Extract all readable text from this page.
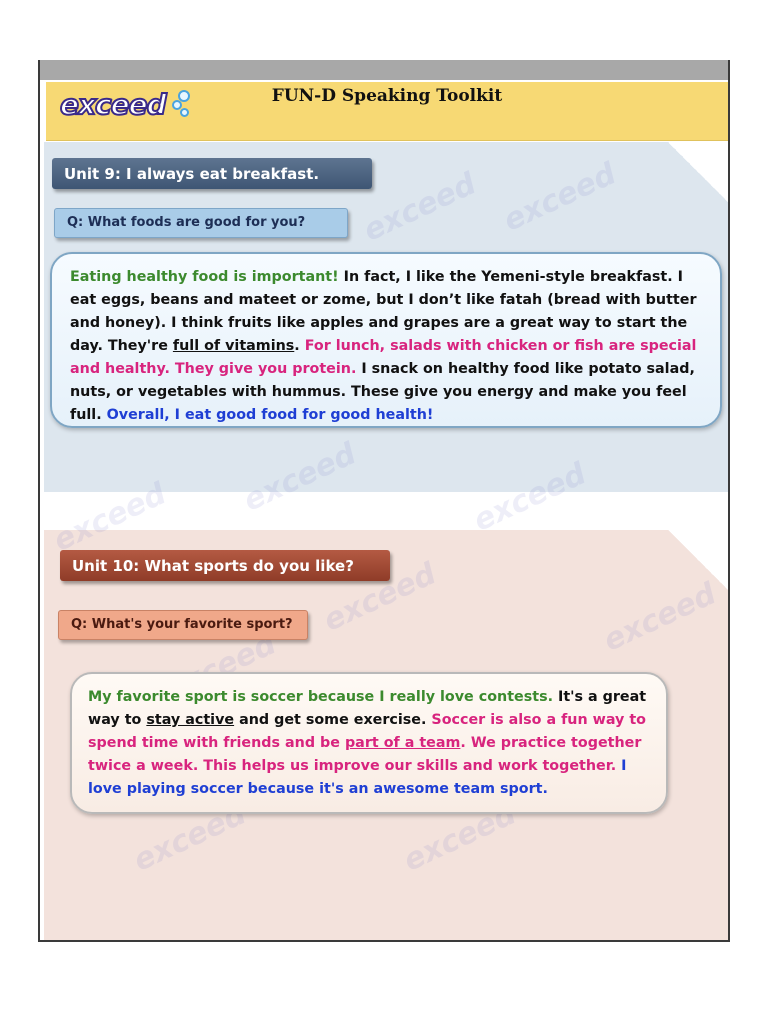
exceed	FUN-D Speaking Toolkit
exceed
exceed
Unit 9: I always eat breakfast.
Q: What foods are good for you?
Eating healthy food is important! In fact, I like the Yemeni-style breakfast. I eat eggs, beans and mateet or zome, but I don’t like fatah (bread with butter and honey). I think fruits like apples and grapes are a great way to start the day. They're full of vitamins. For lunch, salads with chicken or fish are special and healthy. They give you protein. I snack on healthy food like potato salad, nuts, or vegetables with hummus. These give you energy and make you feel full. Overall, I eat good food for good health!
Unit 10: What sports do you like?
Q: What's your favorite sport?
My favorite sport is soccer because I really love contests. It's a great way to stay active and get some exercise. Soccer is also a fun way to spend time with friends and be part of a team. We practice together twice a week. This helps us improve our skills and work together. I love playing soccer because it's an awesome team sport.
